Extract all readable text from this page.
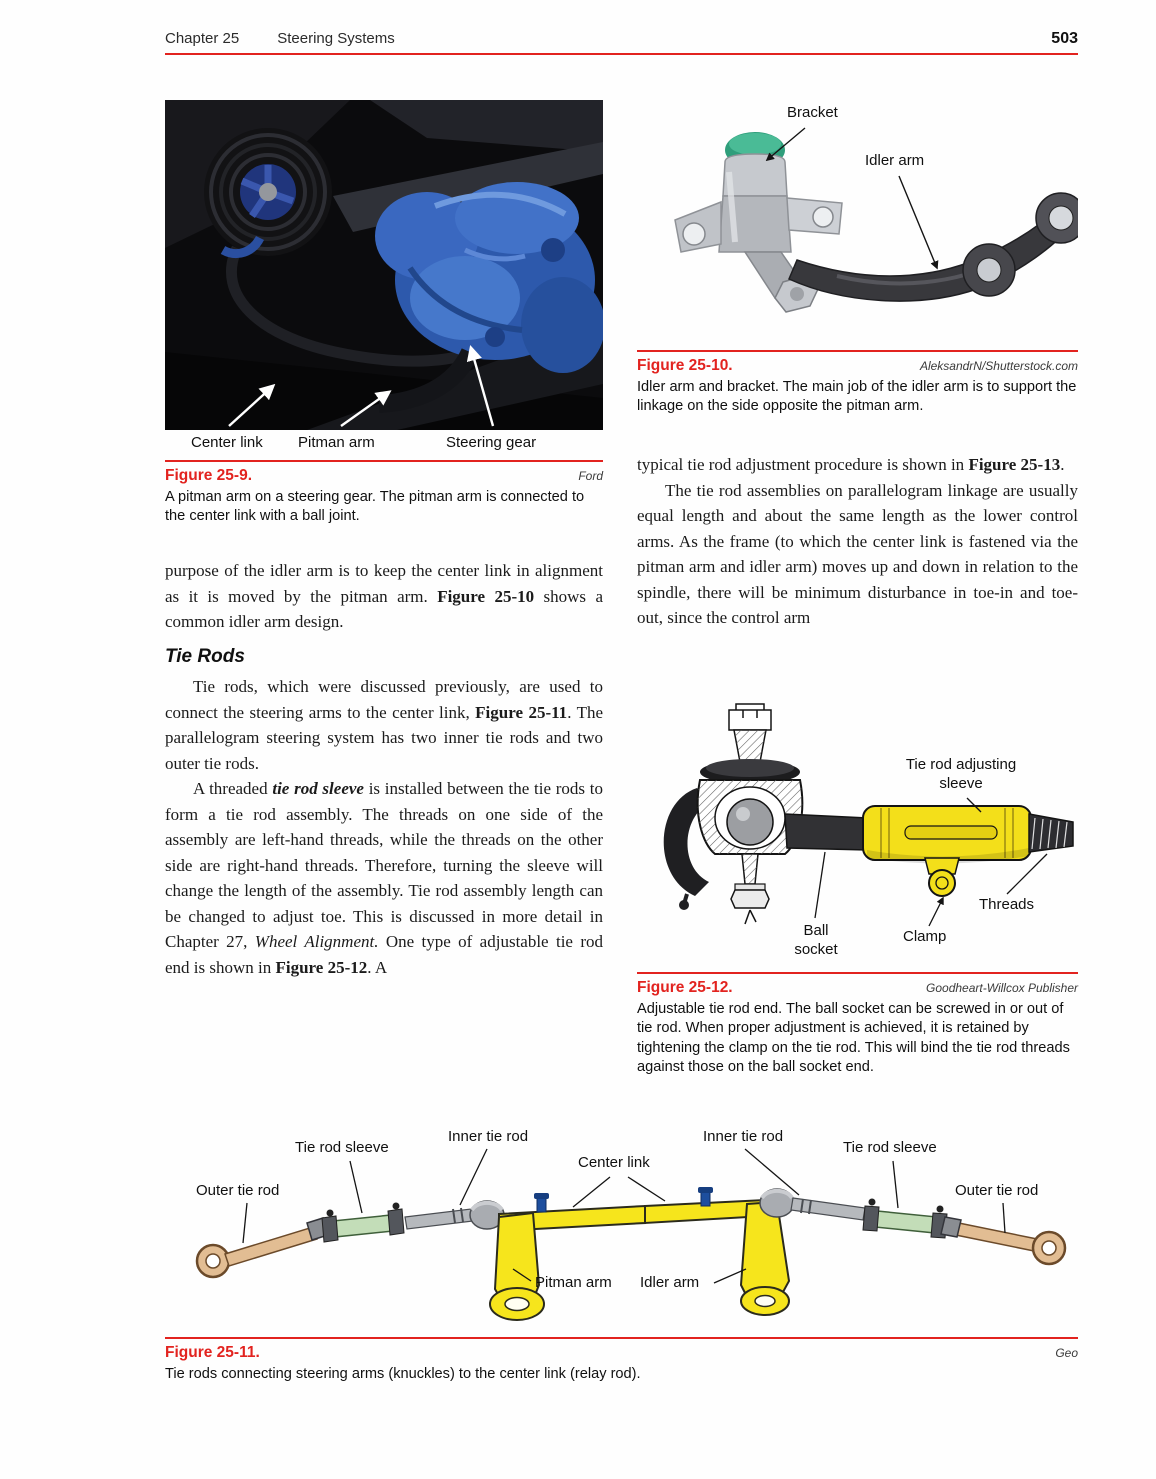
Chapter 25	Steering Systems	503
Center link Pitman arm	Steering gear
Figure 25-9.	Ford
A pitman arm on a steering gear. The pitman arm is connected to the center link with a ball joint.

purpose of the idler arm is to keep the center link in alignment as it is moved by the pitman arm. Figure 25-10 shows a common idler arm design.

Tie Rods

Tie rods, which were discussed previously, are used to connect the steering arms to the center link, Figure 25-11. The parallelogram steering system has two inner tie rods and two outer tie rods.

A threaded tie rod sleeve is installed between the tie rods to form a tie rod assembly. The threads on one side of the assembly are left-hand threads, while the threads on the other side are right-hand threads. Therefore, turning the sleeve will change the length of the assembly. Tie rod assembly length can be changed to adjust toe. This is discussed in more detail in Chapter 27, Wheel Alignment. One type of adjustable tie rod end is shown in Figure 25-12. A

Bracket
Idler arm
Figure 25-10.	AleksandrN/Shutterstock.com
Idler arm and bracket. The main job of the idler arm is to support the linkage on the side opposite the pitman arm.

typical tie rod adjustment procedure is shown in Figure 25-13.

The tie rod assemblies on parallelogram linkage are usually equal length and about the same length as the lower control arms. As the frame (to which the center link is fastened via the pitman arm and idler arm) moves up and down in relation to the spindle, there will be minimum disturbance in toe-in and toe-out, since the control arm

Tie rod adjusting sleeve
Threads
Clamp
Ball socket
Figure 25-12.	Goodheart-Willcox Publisher
Adjustable tie rod end. The ball socket can be screwed in or out of tie rod. When proper adjustment is achieved, it is retained by tightening the clamp on the tie rod. This will bind the tie rod threads against those on the ball socket end.
Outer tie rod
Tie rod sleeve
Inner tie rod
Center link
Inner tie rod
Tie rod sleeve
Outer tie rod
Pitman arm Idler arm
Figure 25-11.	Geo
Tie rods connecting steering arms (knuckles) to the center link (relay rod).
